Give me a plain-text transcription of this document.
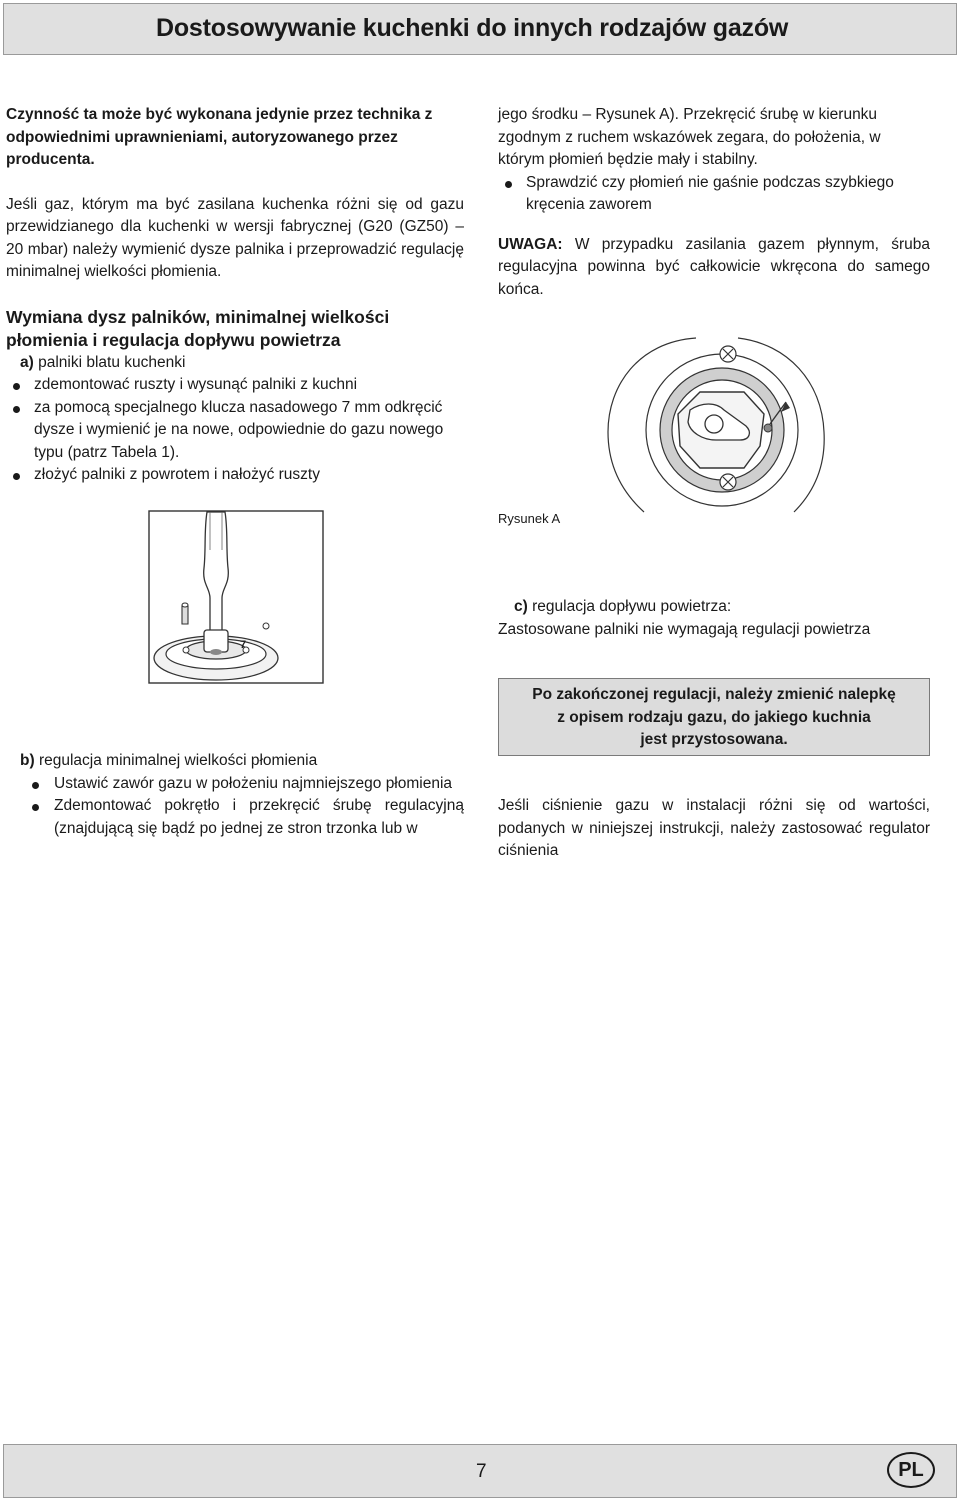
Dostosowywanie kuchenki do innych rodzajów gazów

Czynność ta może być wykonana jedynie przez technika z odpowiednimi uprawnieniami, autoryzowanego przez producenta.

Jeśli gaz, którym ma być zasilana kuchenka różni się od gazu przewidzianego dla kuchenki w wersji fabrycznej (G20 (GZ50) – 20 mbar) należy wymienić dysze palnika i przeprowadzić regulację minimalnej wielkości płomienia.

Wymiana dysz palników, minimalnej wielkości płomienia i regulacja dopływu powietrza

a) palniki blatu kuchenki

zdemontować ruszty i wysunąć palniki z kuchni
za pomocą specjalnego klucza nasadowego 7 mm odkręcić dysze i wymienić je na nowe, odpowiednie do gazu nowego typu (patrz Tabela 1).
złożyć palniki z powrotem i nałożyć ruszty
7

b) regulacja minimalnej wielkości płomienia

Ustawić zawór gazu w położeniu najmniejszego płomienia
Zdemontować pokrętło i przekręcić śrubę regulacyjną (znajdującą się bądź po jednej ze stron trzonka lub w

jego środku – Rysunek A). Przekręcić śrubę w kierunku zgodnym z ruchem wskazówek zegara, do położenia, w którym płomień będzie mały i stabilny.

Sprawdzić czy płomień nie gaśnie podczas szybkiego kręcenia zaworem

UWAGA: W przypadku zasilania gazem płynnym, śruba regulacyjna powinna być całkowicie wkręcona do samego końca.

Rysunek A

c) regulacja dopływu powietrza:

Zastosowane palniki nie wymagają regulacji powietrza

Po zakończonej regulacji, należy zmienić nalepkę
z opisem rodzaju gazu, do jakiego kuchnia
jest przystosowana.
Jeśli ciśnienie gazu w instalacji różni się od wartości, podanych w niniejszej instrukcji, należy zastosować regulator ciśnienia
7	PL
